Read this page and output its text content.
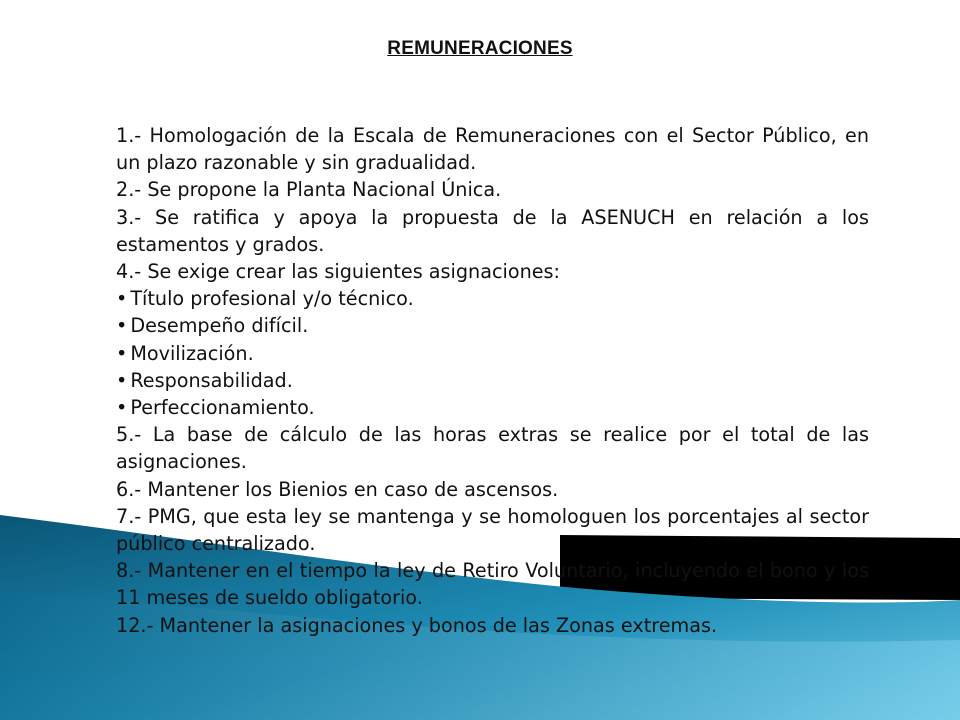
REMUNERACIONES

1.- Homologación de la Escala de Remuneraciones con el Sector Público, en un plazo razonable y sin gradualidad.

2.- Se propone la Planta Nacional Única.

3.- Se ratifica y apoya la propuesta de la ASENUCH en relación a los estamentos y grados.

4.- Se exige crear las siguientes asignaciones:

• Título profesional y/o técnico.

• Desempeño difícil.

• Movilización.

• Responsabilidad.

• Perfeccionamiento.

5.- La base de cálculo de las horas extras se realice por el total de las asignaciones.

6.- Mantener los Bienios en caso de ascensos.

7.- PMG, que esta ley se mantenga y se homologuen los porcentajes al sector público centralizado.

8.- Mantener en el tiempo la ley de Retiro Voluntario, incluyendo el bono y los 11 meses de sueldo obligatorio.

12.- Mantener la asignaciones y bonos de las Zonas extremas.
